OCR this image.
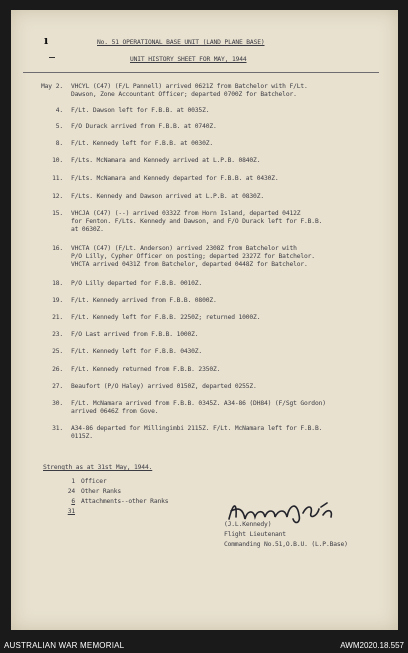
ı	No. 51 OPERATIONAL BASE UNIT (LAND PLANE BASE)
UNIT HISTORY SHEET FOR MAY, 1944
May 2. VHCYL (C47) (F/L Pannell) arrived 0621Z from Batchelor with F/Lt.
Dawson, Zone Accountant Officer; departed 0700Z for Batchelor.
4. F/Lt. Dawson left for F.B.B. at 0035Z.
5. F/O Durack arrived from F.B.B. at 0740Z.
8. F/Lt. Kennedy left for F.B.B. at 0030Z.
10. F/Lts. McNamara and Kennedy arrived at L.P.B. 0840Z.
11. F/Lts. McNamara and Kennedy departed for F.B.B. at 0430Z.
12. F/Lts. Kennedy and Dawson arrived at L.P.B. at 0830Z.
15. VHCJA (C47) (--) arrived 0332Z from Horn Island, departed 0412Z
for Fenton. F/Lts. Kennedy and Dawson, and F/O Durack left for F.B.B.
at 0630Z.
16. VHCTA (C47) (F/Lt. Anderson) arrived 2308Z from Batchelor with
P/O Lilly, Cypher Officer on posting; departed 2327Z for Batchelor.
VHCTA arrived 0431Z from Batchelor, departed 0448Z for Batchelor.
18. P/O Lilly departed for F.B.B. 0010Z.
19. F/Lt. Kennedy arrived from F.B.B. 0800Z.
21. F/Lt. Kennedy left for F.B.B. 2250Z; returned 1000Z.
23. F/O Last arrived from F.B.B. 1000Z.
25. F/Lt. Kennedy left for F.B.B. 0430Z.
26. F/Lt. Kennedy returned from F.B.B. 2350Z.
27. Beaufort (P/O Haley) arrived 0150Z, departed 0255Z.
30. F/Lt. McNamara arrived from F.B.B. 0345Z. A34-86 (DH84) (F/Sgt Gordon)
arrived 0646Z from Gove.
31. A34-86 departed for Millingimbi 2115Z. F/Lt. McNamara left for F.B.B.
0115Z.
Strength as at 31st May, 1944.
1 Officer
24 Other Ranks
6 Attachments--other Ranks
31
(J.L.Kennedy)
Flight Lieutenant
Commanding No.51,O.B.U. (L.P.Base)
AUSTRALIAN WAR MEMORIAL	AWM2020.18.557
